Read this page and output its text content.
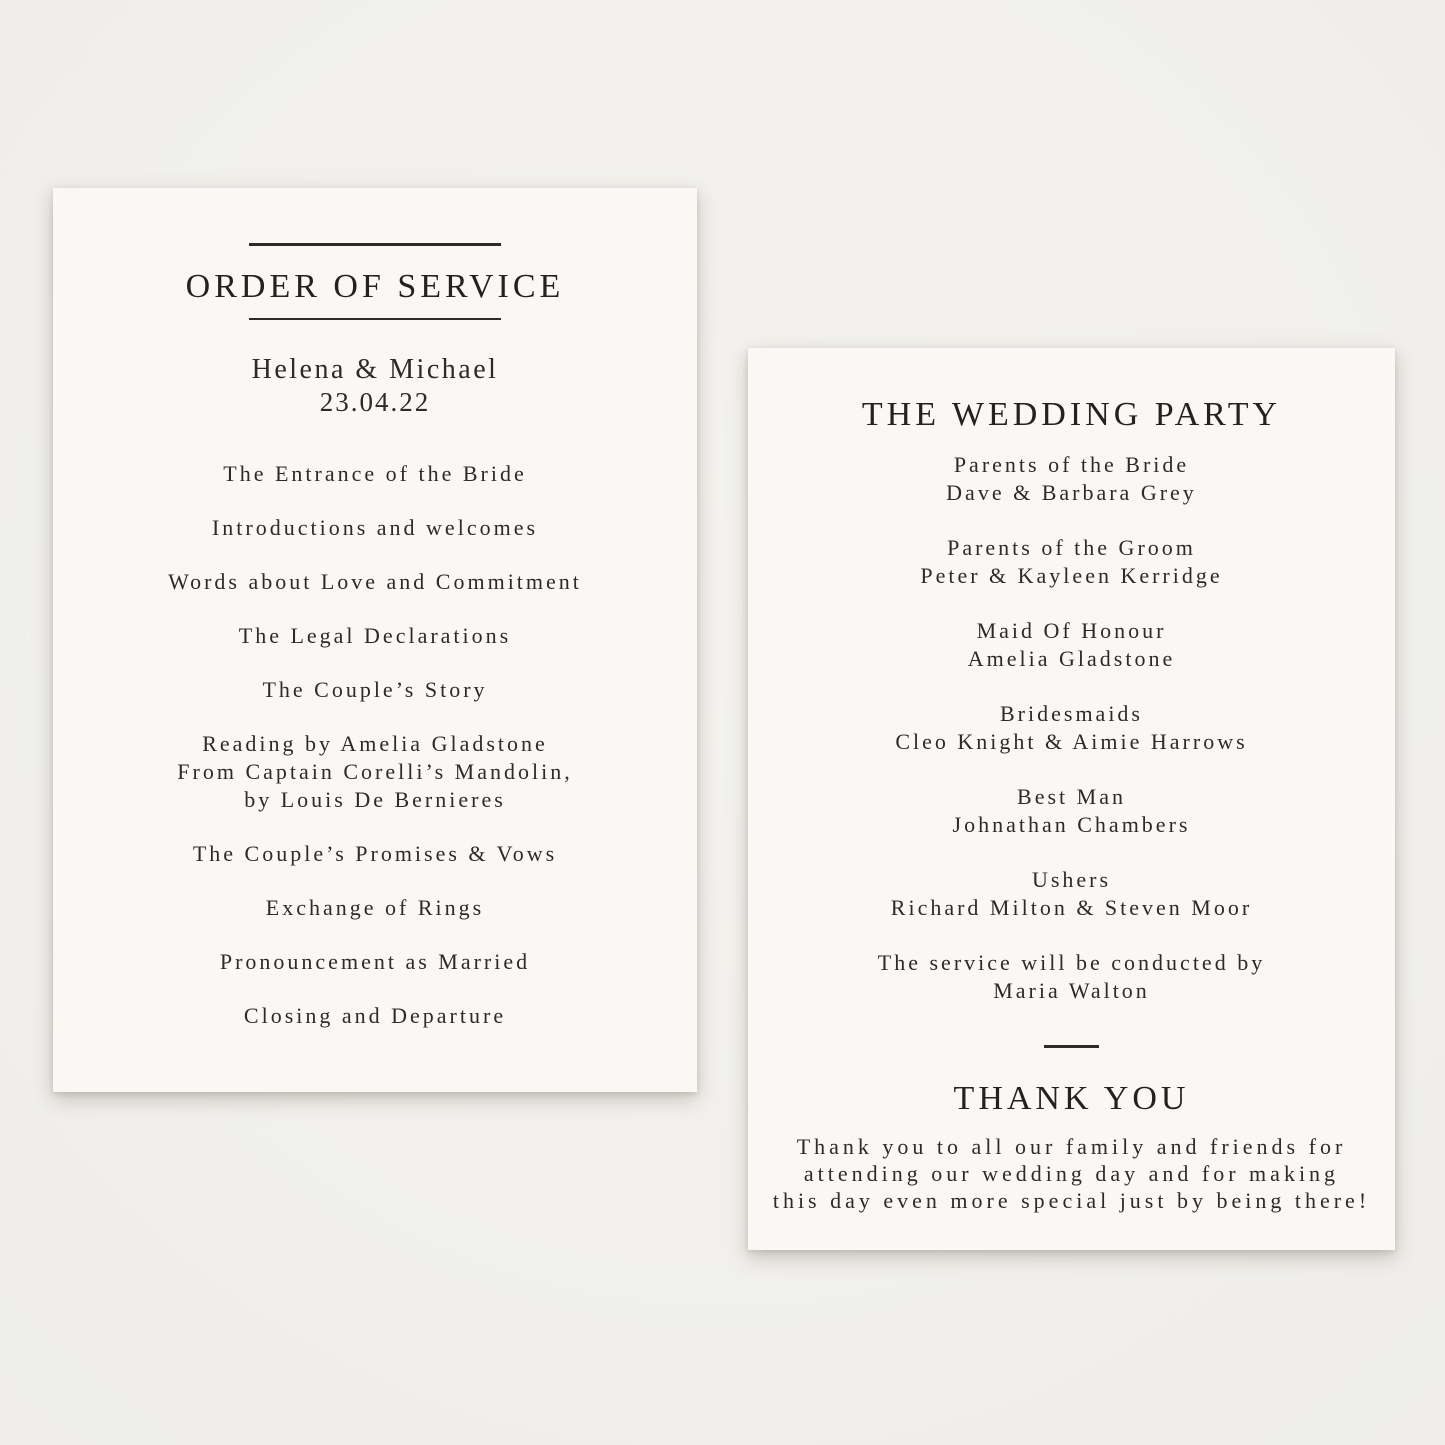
ORDER OF SERVICE
Helena & Michael
23.04.22
The Entrance of the Bride
Introductions and welcomes
Words about Love and Commitment
The Legal Declarations
The Couple’s Story
Reading by Amelia Gladstone
From Captain Corelli’s Mandolin,
by Louis De Bernieres
The Couple’s Promises & Vows
Exchange of Rings
Pronouncement as Married
Closing and Departure
THE WEDDING PARTY
Parents of the Bride
Dave & Barbara Grey
Parents of the Groom
Peter & Kayleen Kerridge
Maid Of Honour
Amelia Gladstone
Bridesmaids
Cleo Knight & Aimie Harrows
Best Man
Johnathan Chambers
Ushers
Richard Milton & Steven Moor
The service will be conducted by
Maria Walton
THANK YOU
Thank you to all our family and friends for
attending our wedding day and for making
this day even more special just by being there!
